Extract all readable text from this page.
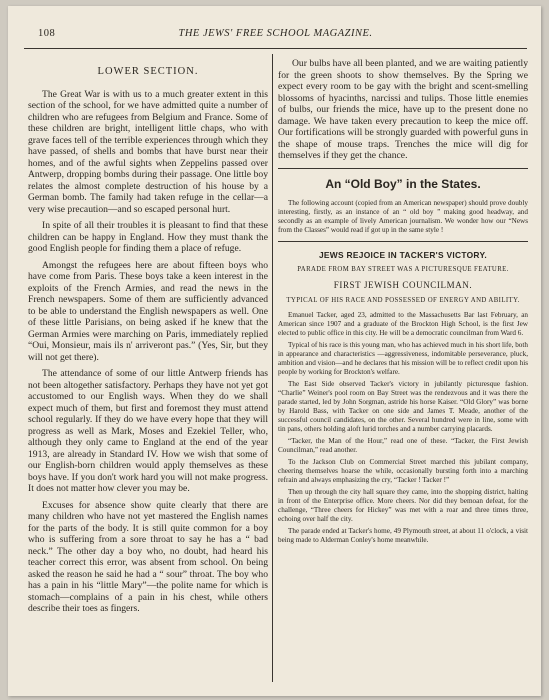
108	THE JEWS' FREE SCHOOL MAGAZINE.
LOWER SECTION.

The Great War is with us to a much greater extent in this section of the school, for we have admitted quite a number of children who are refugees from Belgium and France. Some of these children are bright, intelligent little chaps, who with grave faces tell of the terrible experiences through which they have passed, of shells and bombs that have burst near their homes, and of the awful sights when Zeppelins passed over Antwerp, dropping bombs during their passage. One little boy relates the almost complete destruction of his house by a German bomb. The family had taken refuge in the cellar—a very wise precaution—and so escaped personal hurt.

In spite of all their troubles it is pleasant to find that these children can be happy in England. How they must thank the good English people for finding them a place of refuge.

Amongst the refugees here are about fifteen boys who have come from Paris. These boys take a keen interest in the exploits of the French Armies, and read the news in the French newspapers. Some of them are sufficiently advanced to be able to understand the English newspapers as well. One of these little Parisians, on being asked if he knew that the German Armies were marching on Paris, immediately replied “Oui, Monsieur, mais ils n' arriveront pas.” (Yes, Sir, but they will not get there).

The attendance of some of our little Antwerp friends has not been altogether satisfactory. Perhaps they have not yet got accustomed to our English ways. When they do we shall expect much of them, but first and foremost they must attend school regularly. If they do we have every hope that they will progress as well as Mark, Moses and Ezekiel Teller, who, although they only came to England at the end of the year 1913, are already in Standard IV. How we wish that some of our English-born children would apply themselves as these boys have. If you don't work hard you will not make progress. It does not matter how clever you may be.

Excuses for absence show quite clearly that there are many children who have not yet mastered the English names for the parts of the body. It is still quite common for a boy who is suffering from a sore throat to say he has a “ bad neck.” The other day a boy who, no doubt, had heard his teacher correct this error, was absent from school. On being asked the reason he said he had a “ sour” throat. The boy who has a pain in his “little Mary”—the polite name for which is stomach—complains of a pain in his chest, while others describe their toes as fingers.

Our bulbs have all been planted, and we are waiting patiently for the green shoots to show themselves. By the Spring we expect every room to be gay with the bright and scent-smelling blossoms of hyacinths, narcissi and tulips. Those little enemies of bulbs, our friends the mice, have up to the present done no damage. We have taken every precaution to keep the mice off. Our fortifications will be strongly guarded with powerful guns in the shape of mouse traps. Trenches the mice will dig for themselves if they get the chance.

An “Old Boy” in the States.

The following account (copied from an American newspaper) should prove doubly interesting, firstly, as an instance of an “ old boy ” making good headway, and secondly as an example of lively American journalism. We wonder how our “News from the Classes” would read if got up in the same style !

JEWS REJOICE IN TACKER'S VICTORY.
PARADE FROM BAY STREET WAS A PICTURESQUE FEATURE.
FIRST JEWISH COUNCILMAN.
TYPICAL OF HIS RACE AND POSSESSED OF ENERGY AND ABILITY.

Emanuel Tacker, aged 23, admitted to the Massachusetts Bar last February, an American since 1907 and a graduate of the Brockton High School, is the first Jew elected to public office in this city. He will be a democratic councilman from Ward 6.

Typical of his race is this young man, who has achieved much in his short life, both in appearance and characteristics —aggressiveness, indomitable perseverance, pluck, ambition and vision—and he declares that his mission will be to reflect credit upon his people by working for Brockton's welfare.

The East Side observed Tacker's victory in jubilantly picturesque fashion. “Charlie” Weiner's pool room on Bay Street was the rendezvous and it was there the parade started, led by John Sorgman, astride his horse Kaiser. “Old Glory” was borne by Harold Bass, with Tacker on one side and James T. Meade, another of the successful council candidates, on the other. Several hundred were in line, some with tin pans, others holding aloft lurid torches and a number carrying placards.

“Tacker, the Man of the Hour,” read one of these. “Tacker, the First Jewish Councilman,” read another.

To the Jackson Club on Commercial Street marched this jubilant company, cheering themselves hoarse the while, occasionally bursting forth into a marching refrain and always emphasizing the cry, “Tacker ! Tacker !”

Then up through the city hall square they came, into the shopping district, halting in front of the Enterprise office. More cheers. Nor did they bemoan defeat, for the challenge, “Three cheers for Hickey” was met with a roar and three times three, echoing over half the city.

The parade ended at Tacker's home, 49 Plymouth street, at about 11 o'clock, a visit being made to Alderman Conley's home meanwhile.
